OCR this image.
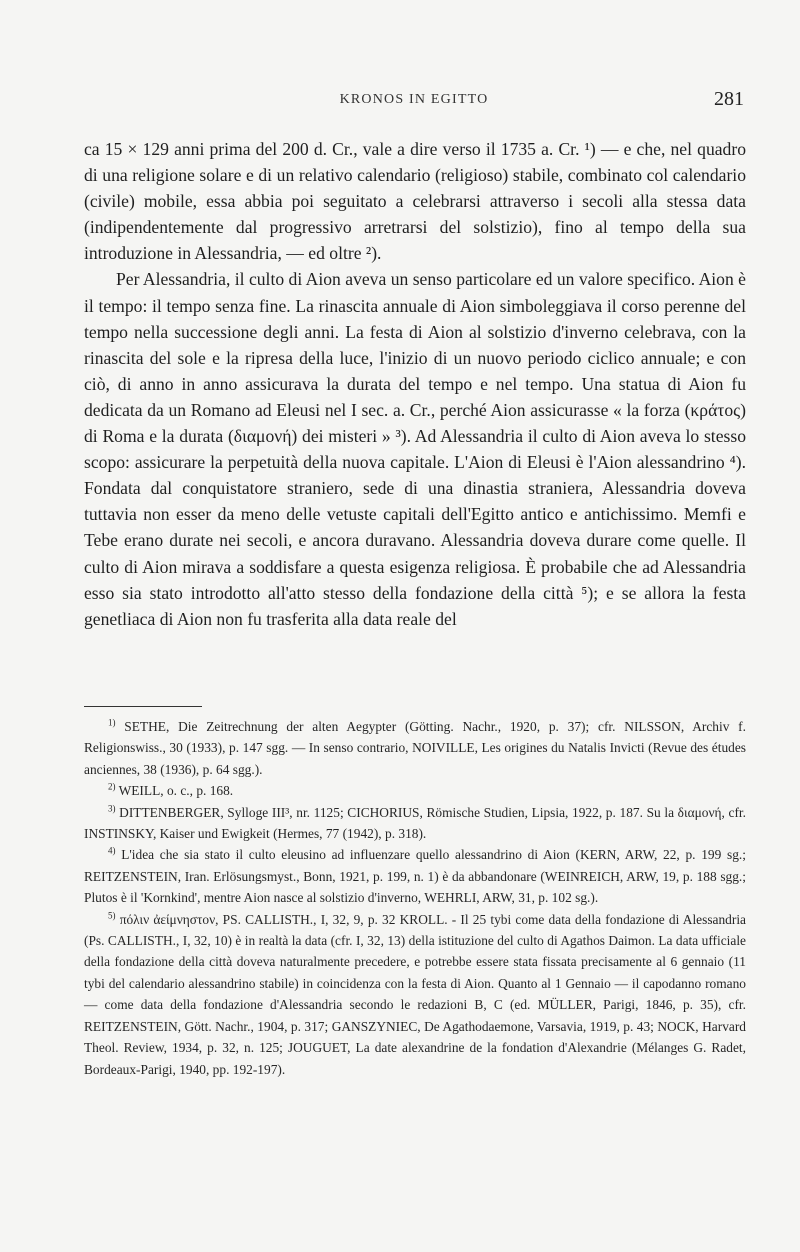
KRONOS IN EGITTO	281

ca 15 × 129 anni prima del 200 d. Cr., vale a dire verso il 1735 a. Cr. ¹) — e che, nel quadro di una religione solare e di un relativo calendario (religioso) stabile, combinato col calendario (civile) mobile, essa abbia poi seguitato a celebrarsi attraverso i secoli alla stessa data (indipendentemente dal progressivo arretrarsi del solstizio), fino al tempo della sua introduzione in Alessandria, — ed oltre ²).

Per Alessandria, il culto di Aion aveva un senso particolare ed un valore specifico. Aion è il tempo: il tempo senza fine. La rinascita annuale di Aion simboleggiava il corso perenne del tempo nella successione degli anni. La festa di Aion al solstizio d'inverno celebrava, con la rinascita del sole e la ripresa della luce, l'inizio di un nuovo periodo ciclico annuale; e con ciò, di anno in anno assicurava la durata del tempo e nel tempo. Una statua di Aion fu dedicata da un Romano ad Eleusi nel I sec. a. Cr., perché Aion assicurasse « la forza (κράτος) di Roma e la durata (διαμονή) dei misteri » ³). Ad Alessandria il culto di Aion aveva lo stesso scopo: assicurare la perpetuità della nuova capitale. L'Aion di Eleusi è l'Aion alessandrino ⁴). Fondata dal conquistatore straniero, sede di una dinastia straniera, Alessandria doveva tuttavia non esser da meno delle vetuste capitali dell'Egitto antico e antichissimo. Memfi e Tebe erano durate nei secoli, e ancora duravano. Alessandria doveva durare come quelle. Il culto di Aion mirava a soddisfare a questa esigenza religiosa. È probabile che ad Alessandria esso sia stato introdotto all'atto stesso della fondazione della città ⁵); e se allora la festa genetliaca di Aion non fu trasferita alla data reale del

$^{1)}$ SETHE, Die Zeitrechnung der alten Aegypter (Götting. Nachr., 1920, p. 37); cfr. NILSSON, Archiv f. Religionswiss., 30 (1933), p. 147 sgg. — In senso contrario, NOIVILLE, Les origines du Natalis Invicti (Revue des études anciennes, 38 (1936), p. 64 sgg.).

$^{2)}$ WEILL, o. c., p. 168.

$^{3)}$ DITTENBERGER, Sylloge III³, nr. 1125; CICHORIUS, Römische Studien, Lipsia, 1922, p. 187. Su la διαμονή, cfr. INSTINSKY, Kaiser und Ewigkeit (Hermes, 77 (1942), p. 318).

$^{4)}$ L'idea che sia stato il culto eleusino ad influenzare quello alessandrino di Aion (KERN, ARW, 22, p. 199 sg.; REITZENSTEIN, Iran. Erlösungsmyst., Bonn, 1921, p. 199, n. 1) è da abbandonare (WEINREICH, ARW, 19, p. 188 sgg.; Plutos è il 'Kornkind', mentre Aion nasce al solstizio d'inverno, WEHRLI, ARW, 31, p. 102 sg.).

$^{5)}$ πόλιν ἀείμνηστον, PS. CALLISTH., I, 32, 9, p. 32 KROLL. - Il 25 tybi come data della fondazione di Alessandria (Ps. CALLISTH., I, 32, 10) è in realtà la data (cfr. I, 32, 13) della istituzione del culto di Agathos Daimon. La data ufficiale della fondazione della città doveva naturalmente precedere, e potrebbe essere stata fissata precisamente al 6 gennaio (11 tybi del calendario alessandrino stabile) in coincidenza con la festa di Aion. Quanto al 1 Gennaio — il capodanno romano — come data della fondazione d'Alessandria secondo le redazioni B, C (ed. MÜLLER, Parigi, 1846, p. 35), cfr. REITZENSTEIN, Gött. Nachr., 1904, p. 317; GANSZYNIEC, De Agathodaemone, Varsavia, 1919, p. 43; NOCK, Harvard Theol. Review, 1934, p. 32, n. 125; JOUGUET, La date alexandrine de la fondation d'Alexandrie (Mélanges G. Radet, Bordeaux-Parigi, 1940, pp. 192-197).
